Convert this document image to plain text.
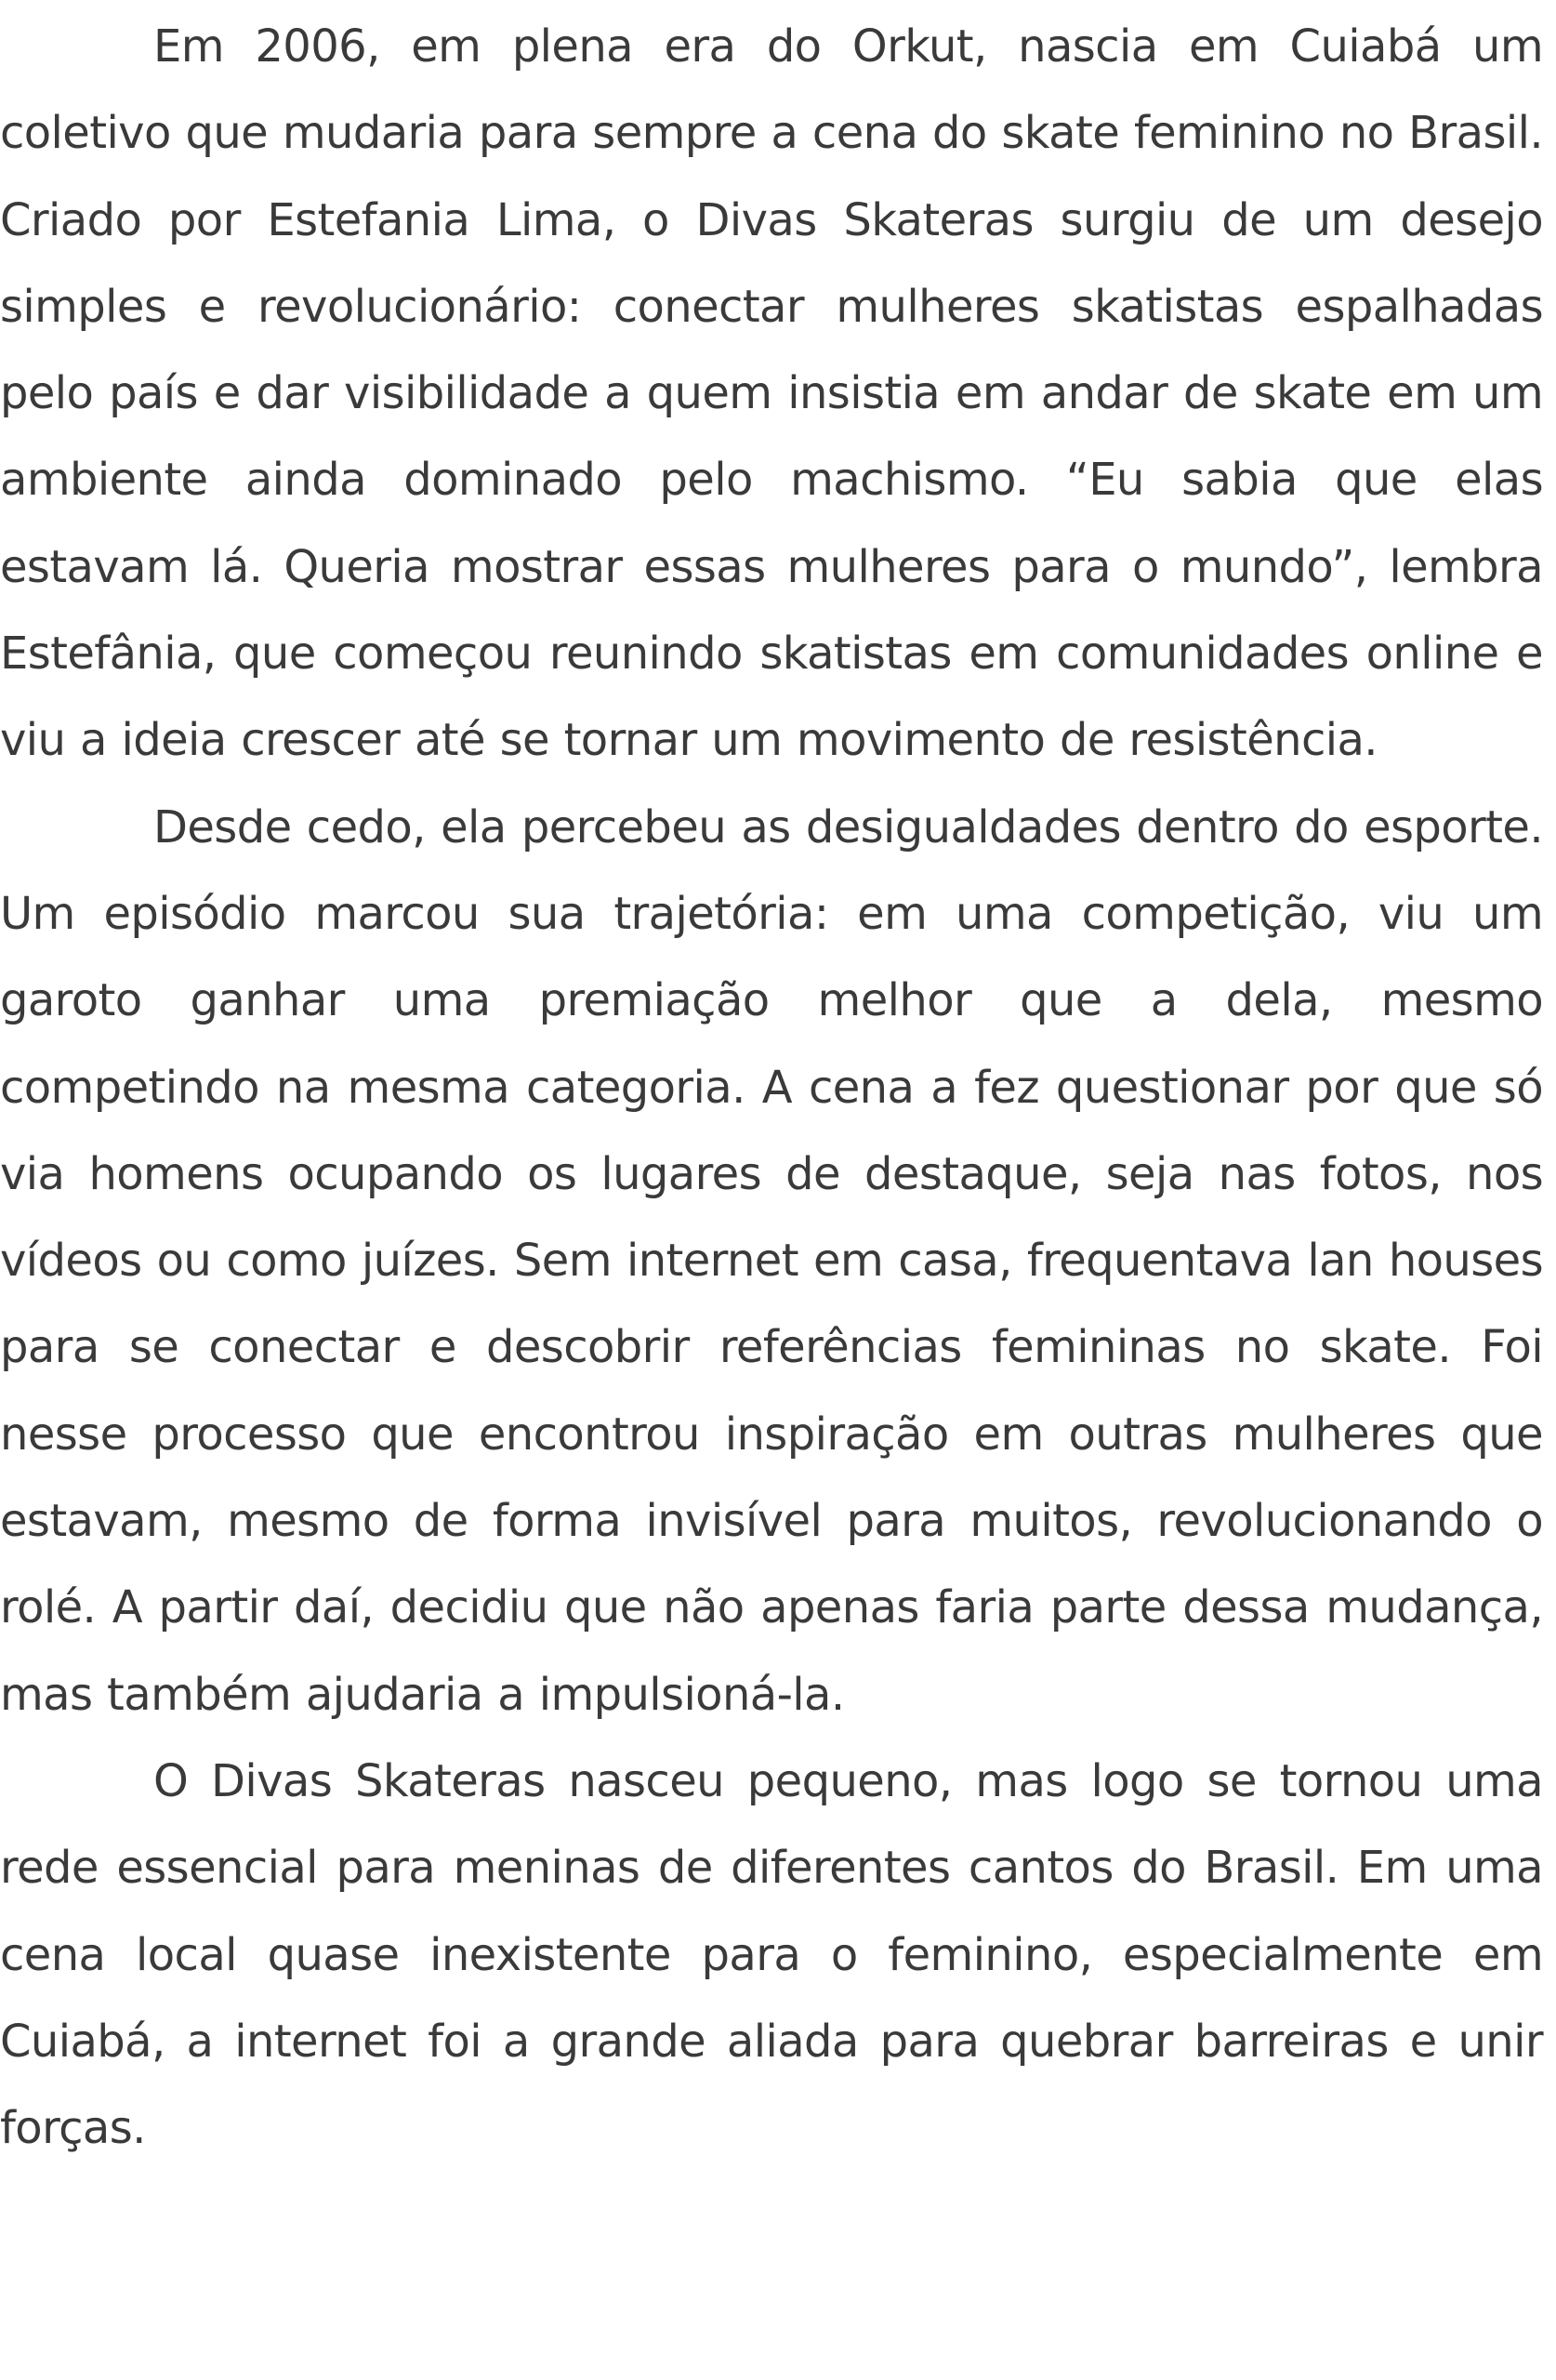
Em 2006, em plena era do Orkut, nascia em Cuiabá um coletivo que mudaria para sempre a cena do skate feminino no Brasil. Criado por Estefania Lima, o Divas Skateras surgiu de um desejo simples e revolucionário: conectar mulheres skatistas espalhadas pelo país e dar visibilidade a quem insistia em andar de skate em um ambiente ainda dominado pelo machismo. “Eu sabia que elas estavam lá. Queria mostrar essas mulheres para o mundo”, lembra Estefânia, que começou reunindo skatistas em comunidades online e viu a ideia crescer até se tornar um movimento de resistência.

Desde cedo, ela percebeu as desigualdades dentro do esporte. Um episódio marcou sua trajetória: em uma competição, viu um garoto ganhar uma premiação melhor que a dela, mesmo competindo na mesma categoria. A cena a fez questionar por que só via homens ocupando os lugares de destaque, seja nas fotos, nos vídeos ou como juízes. Sem internet em casa, frequentava lan houses para se conectar e descobrir referências femininas no skate. Foi nesse processo que encontrou inspiração em outras mulheres que estavam, mesmo de forma invisível para muitos, revolucionando o rolé. A partir daí, decidiu que não apenas faria parte dessa mudança, mas também ajudaria a impulsioná-la.

O Divas Skateras nasceu pequeno, mas logo se tornou uma rede essencial para meninas de diferentes cantos do Brasil. Em uma cena local quase inexistente para o feminino, especialmente em Cuiabá, a internet foi a grande aliada para quebrar barreiras e unir forças.
